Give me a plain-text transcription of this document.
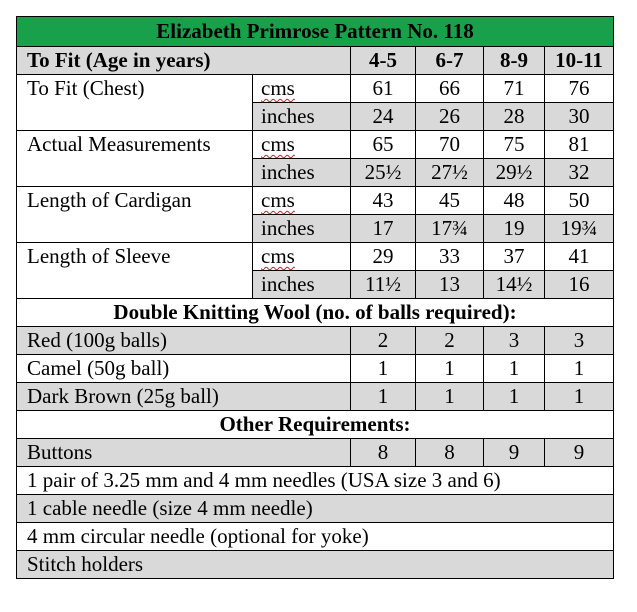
Elizabeth Primrose Pattern No. 118					
To Fit (Age in years)		4-5	6-7	8-9	10-11
To Fit (Chest)	cms	61	66	71	76
	inches	24	26	28	30
Actual Measurements	cms	65	70	75	81
	inches	25½	27½	29½	32
Length of Cardigan	cms	43	45	48	50
	inches	17	17¾	19	19¾
Length of Sleeve	cms	29	33	37	41
	inches	11½	13	14½	16
Double Knitting Wool (no. of balls required):					
Red (100g balls)		2	2	3	3
Camel (50g ball)		1	1	1	1
Dark Brown (25g ball)		1	1	1	1
Other Requirements:					
Buttons		8	8	9	9
1 pair of 3.25 mm and 4 mm needles (USA size 3 and 6)					
1 cable needle (size 4 mm needle)					
4 mm circular needle (optional for yoke)					
Stitch holders					
